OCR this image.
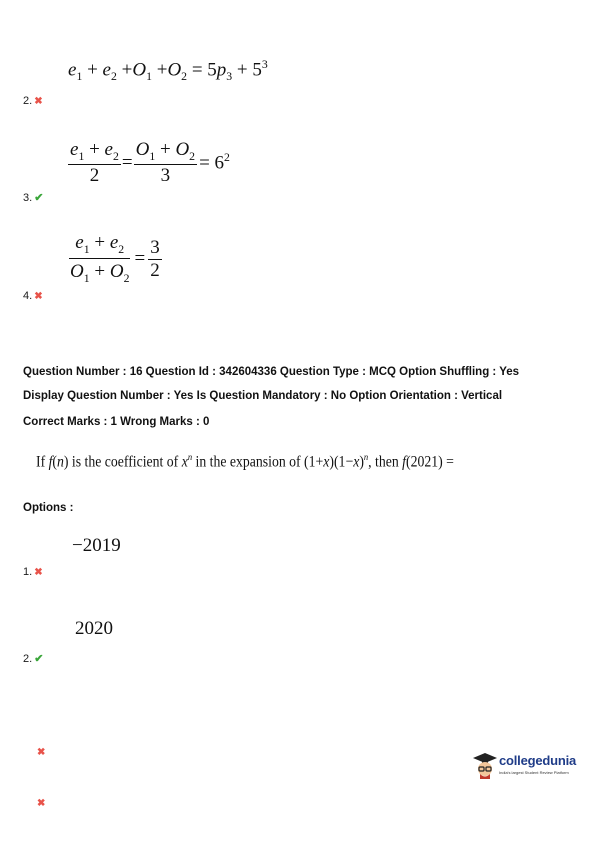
$e_1 + e_2 +O_1 +O_2 = 5p_3 + 5^3$
2. ✖
$\frac{e_1 + e_2}{2} = \frac{O_1 + O_2}{3} = 6^2$
3. ✔
$\frac{e_1 + e_2}{O_1 + O_2} = \frac{3}{2}$
4. ✖
Question Number : 16 Question Id : 342604336 Question Type : MCQ Option Shuffling : Yes
Display Question Number : Yes Is Question Mandatory : No Option Orientation : Vertical
Correct Marks : 1 Wrong Marks : 0
If f(n) is the coefficient of $x^n$ in the expansion of $(1+x)(1-x)^n$, then f(2021) =
Options :
−2019
1. ✖
2020
2. ✔
✖
✖
collegedunia
India's largest Student Review Platform
